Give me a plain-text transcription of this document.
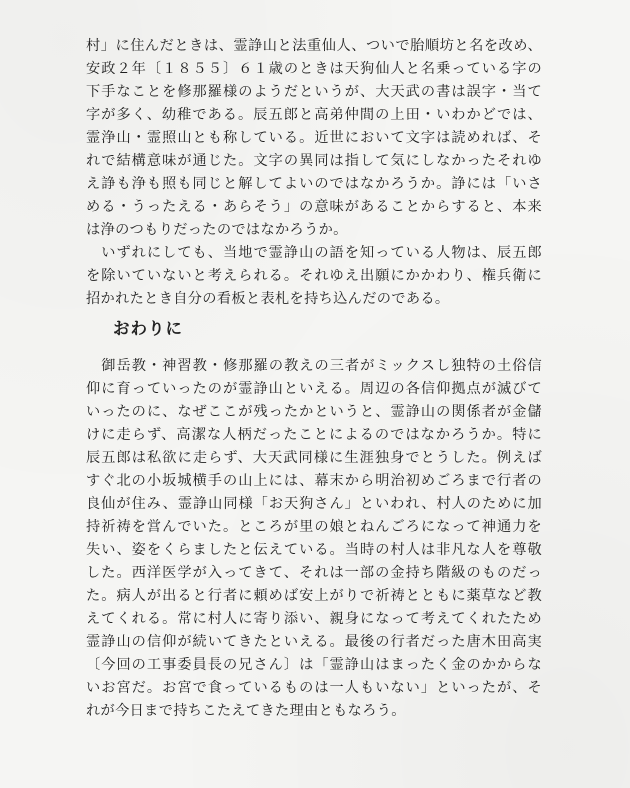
村」に住んだときは、霊諍山と法重仙人、ついで胎順坊と名を改め、
安政２年〔１８５５〕６１歳のときは天狗仙人と名乗っている字の
下手なことを修那羅様のようだというが、大天武の書は誤字・当て
字が多く、幼稚である。辰五郎と高弟仲間の上田・いわかどでは、
霊浄山・霊照山とも称している。近世において文字は読めれば、そ
れで結構意味が通じた。文字の異同は指して気にしなかったそれゆ
え諍も浄も照も同じと解してよいのではなかろうか。諍には「いさ
める・うったえる・あらそう」の意味があることからすると、本来
は浄のつもりだったのではなかろうか。
　いずれにしても、当地で霊諍山の語を知っている人物は、辰五郎
を除いていないと考えられる。それゆえ出願にかかわり、権兵衛に
招かれたとき自分の看板と表札を持ち込んだのである。
おわりに
　御岳教・神習教・修那羅の教えの三者がミックスし独特の土俗信
仰に育っていったのが霊諍山といえる。周辺の各信仰拠点が滅びて
いったのに、なぜここが残ったかというと、霊諍山の関係者が金儲
けに走らず、高潔な人柄だったことによるのではなかろうか。特に
辰五郎は私欲に走らず、大天武同様に生涯独身でとうした。例えば
すぐ北の小坂城横手の山上には、幕末から明治初めごろまで行者の
良仙が住み、霊諍山同様「お天狗さん」といわれ、村人のために加
持祈祷を営んでいた。ところが里の娘とねんごろになって神通力を
失い、姿をくらましたと伝えている。当時の村人は非凡な人を尊敬
した。西洋医学が入ってきて、それは一部の金持ち階級のものだっ
た。病人が出ると行者に頼めば安上がりで祈祷とともに薬草など教
えてくれる。常に村人に寄り添い、親身になって考えてくれたため
霊諍山の信仰が続いてきたといえる。最後の行者だった唐木田高実
〔今回の工事委員長の兄さん〕は「霊諍山はまったく金のかからな
いお宮だ。お宮で食っているものは一人もいない」といったが、そ
れが今日まで持ちこたえてきた理由ともなろう。
